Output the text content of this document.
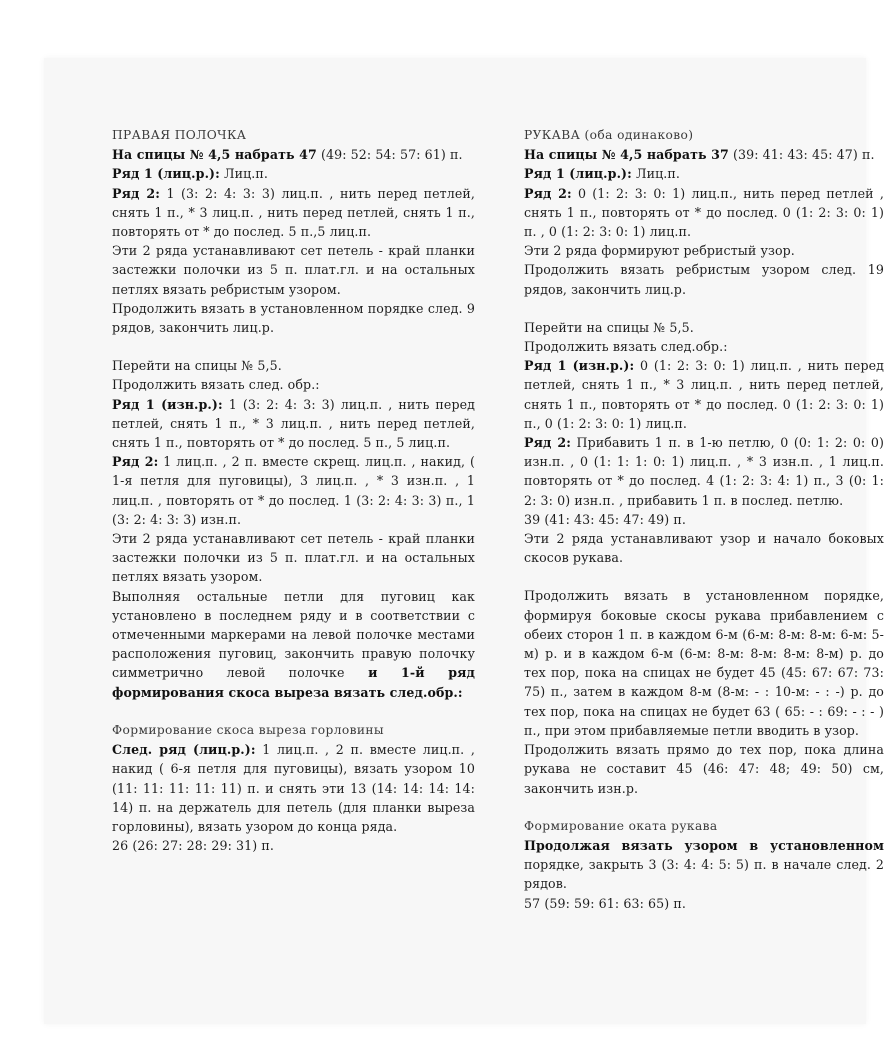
ПРАВАЯ ПОЛОЧКА

На спицы № 4,5 набрать 47 (49: 52: 54: 57: 61) п.

Ряд 1 (лиц.р.): Лиц.п.

Ряд 2: 1 (3: 2: 4: 3: 3) лиц.п. , нить перед петлей, снять 1 п., * 3 лиц.п. , нить перед петлей, снять 1 п., повторять от * до послед. 5 п.,5 лиц.п.

Эти 2 ряда устанавливают сет петель - край планки застежки полочки из 5 п. плат.гл. и на остальных петлях вязать ребристым узором.

Продолжить вязать в установленном порядке след. 9 рядов, закончить лиц.р.

Перейти на спицы № 5,5.

Продолжить вязать след. обр.:

Ряд 1 (изн.р.): 1 (3: 2: 4: 3: 3) лиц.п. , нить перед петлей, снять 1 п., * 3 лиц.п. , нить перед петлей, снять 1 п., повторять от * до послед. 5 п., 5 лиц.п.

Ряд 2: 1 лиц.п. , 2 п. вместе скрещ. лиц.п. , накид, ( 1-я петля для пуговицы), 3 лиц.п. , * 3 изн.п. , 1 лиц.п. , повторять от * до послед. 1 (3: 2: 4: 3: 3) п., 1 (3: 2: 4: 3: 3) изн.п.

Эти 2 ряда устанавливают сет петель - край планки застежки полочки из 5 п. плат.гл. и на остальных петлях вязать узором.

Выполняя остальные петли для пуговиц как установлено в последнем ряду и в соответствии с отмеченными маркерами на левой полочке местами расположения пуговиц, закончить правую полочку симметрично левой полочке и 1-й ряд формирования скоса выреза вязать след.обр.:

Формирование скоса выреза горловины

След. ряд (лиц.р.): 1 лиц.п. , 2 п. вместе лиц.п. , накид ( 6-я петля для пуговицы), вязать узором 10 (11: 11: 11: 11: 11) п. и снять эти 13 (14: 14: 14: 14: 14) п. на держатель для петель (для планки выреза горловины), вязать узором до конца ряда.

26 (26: 27: 28: 29: 31) п.

РУКАВА (оба одинаково)

На спицы № 4,5 набрать 37 (39: 41: 43: 45: 47) п.

Ряд 1 (лиц.р.): Лиц.п.

Ряд 2: 0 (1: 2: 3: 0: 1) лиц.п., нить перед петлей , снять 1 п., повторять от * до послед. 0 (1: 2: 3: 0: 1) п. , 0 (1: 2: 3: 0: 1) лиц.п.

Эти 2 ряда формируют ребристый узор.

Продолжить вязать ребристым узором след. 19 рядов, закончить лиц.р.

Перейти на спицы № 5,5.

Продолжить вязать след.обр.:

Ряд 1 (изн.р.): 0 (1: 2: 3: 0: 1) лиц.п. , нить перед петлей, снять 1 п., * 3 лиц.п. , нить перед петлей, снять 1 п., повторять от * до послед. 0 (1: 2: 3: 0: 1) п., 0 (1: 2: 3: 0: 1) лиц.п.

Ряд 2: Прибавить 1 п. в 1-ю петлю, 0 (0: 1: 2: 0: 0) изн.п. , 0 (1: 1: 1: 0: 1) лиц.п. , * 3 изн.п. , 1 лиц.п. повторять от * до послед. 4 (1: 2: 3: 4: 1) п., 3 (0: 1: 2: 3: 0) изн.п. , прибавить 1 п. в послед. петлю.

39 (41: 43: 45: 47: 49) п.

Эти 2 ряда устанавливают узор и начало боковых скосов рукава.

Продолжить вязать в установленном порядке, формируя боковые скосы рукава прибавлением с обеих сторон 1 п. в каждом 6-м (6-м: 8-м: 8-м: 6-м: 5-м) р. и в каждом 6-м (6-м: 8-м: 8-м: 8-м: 8-м) р. до тех пор, пока на спицах не будет 45 (45: 67: 67: 73: 75) п., затем в каждом 8-м (8-м: - : 10-м: - : -) р. до тех пор, пока на спицах не будет 63 ( 65: - : 69: - : - ) п., при этом прибавляемые петли вводить в узор.

Продолжить вязать прямо до тех пор, пока длина рукава не составит 45 (46: 47: 48; 49: 50) см, закончить изн.р.

Формирование оката рукава

Продолжая вязать узором в установленном порядке, закрыть 3 (3: 4: 4: 5: 5) п. в начале след. 2 рядов.

57 (59: 59: 61: 63: 65) п.
